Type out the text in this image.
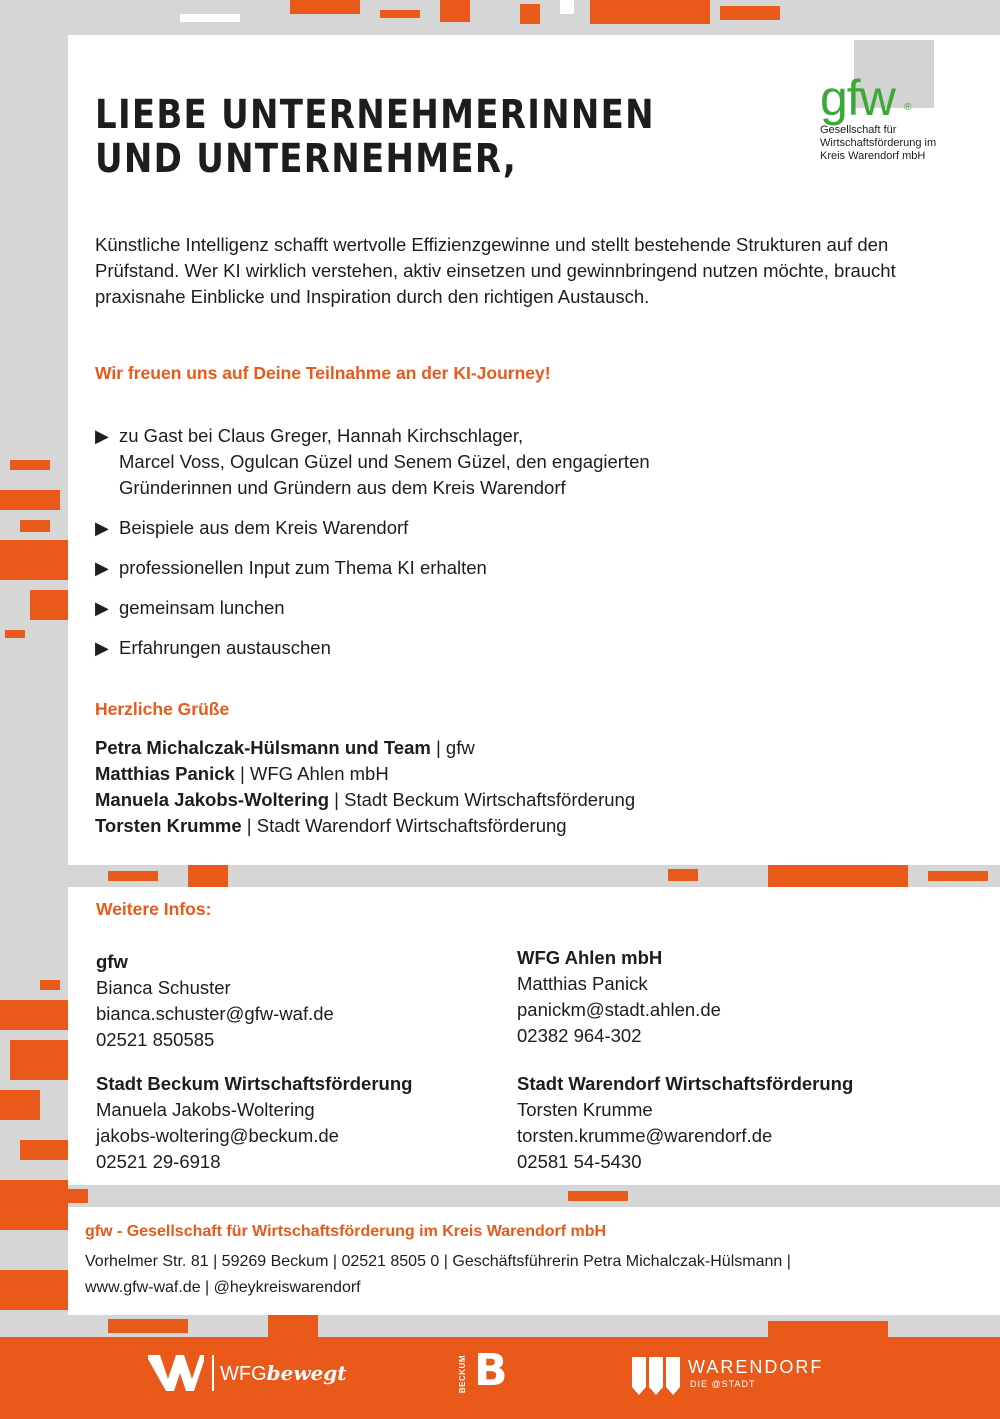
gfw ®
Gesellschaft für
Wirtschaftsförderung im
Kreis Warendorf mbH
LIEBE UNTERNEHMERINNEN
UND UNTERNEHMER,

Künstliche Intelligenz schafft wertvolle Effizienzgewinne und stellt bestehende Strukturen auf den Prüfstand. Wer KI wirklich verstehen, aktiv einsetzen und gewinnbringend nutzen möchte, braucht praxisnahe Einblicke und Inspiration durch den richtigen Austausch.

Wir freuen uns auf Deine Teilnahme an der KI-Journey!

▶ zu Gast bei Claus Greger, Hannah Kirchschlager,
Marcel Voss, Ogulcan Güzel und Senem Güzel, den engagierten
Gründerinnen und Gründern aus dem Kreis Warendorf
▶ Beispiele aus dem Kreis Warendorf
▶ professionellen Input zum Thema KI erhalten
▶ gemeinsam lunchen
▶ Erfahrungen austauschen

Herzliche Grüße

Petra Michalczak-Hülsmann und Team | gfw
Matthias Panick | WFG Ahlen mbH
Manuela Jakobs-Woltering | Stadt Beckum Wirtschaftsförderung
Torsten Krumme | Stadt Warendorf Wirtschaftsförderung

Weitere Infos:

gfw
Bianca Schuster
bianca.schuster@gfw-waf.de
02521 850585
WFG Ahlen mbH
Matthias Panick
panickm@stadt.ahlen.de
02382 964-302
Stadt Beckum Wirtschaftsförderung
Manuela Jakobs-Woltering
jakobs-woltering@beckum.de
02521 29-6918
Stadt Warendorf Wirtschaftsförderung
Torsten Krumme
torsten.krumme@warendorf.de
02581 54-5430

gfw - Gesellschaft für Wirtschaftsförderung im Kreis Warendorf mbH

Vorhelmer Str. 81 | 59269 Beckum | 02521 8505 0 | Geschäftsführerin Petra Michalczak-Hülsmann |

www.gfw-waf.de | @heykreiswarendorf

WFGbewegt	BECKUM B	WARENDORF
DIE @STADT
